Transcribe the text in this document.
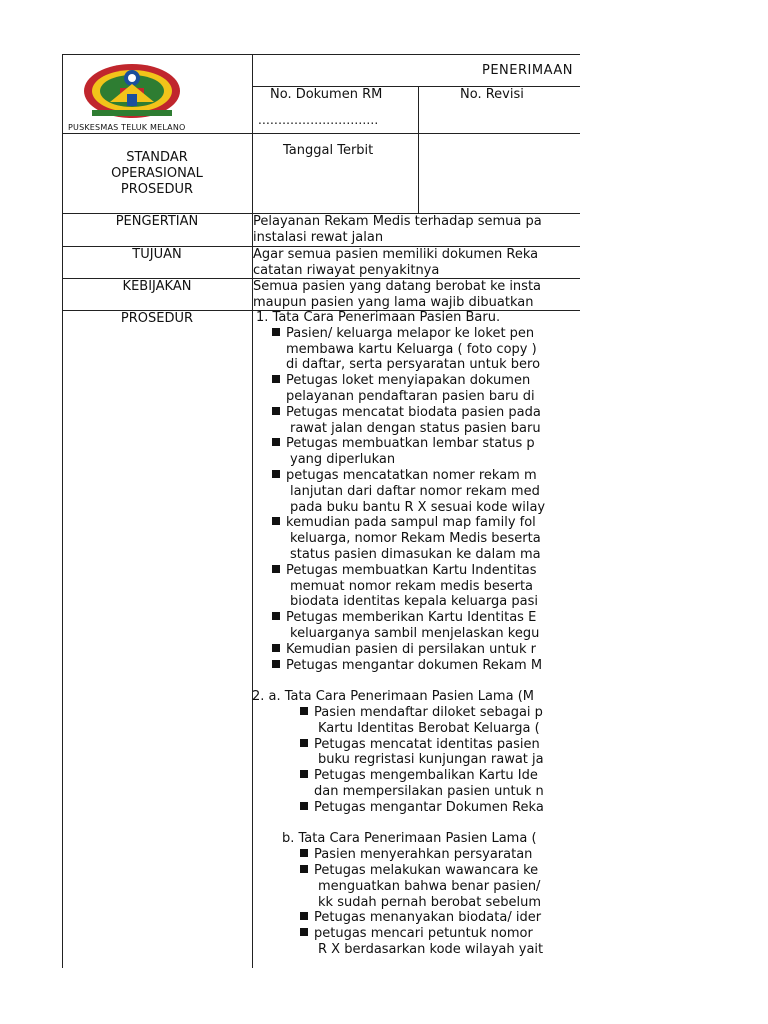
PUSKESMAS TELUK MELANO
PENERIMAAN
No. Dokumen RM
..............................
No. Revisi
Tanggal Terbit
STANDAR
OPERASIONAL
PROSEDUR
PENGERTIAN	Pelayanan Rekam Medis terhadap semua pa
instalasi rewat jalan
TUJUAN	Agar semua pasien memiliki dokumen Reka
catatan riwayat penyakitnya
KEBIJAKAN	Semua pasien yang datang berobat ke insta
maupun pasien yang lama wajib dibuatkan
PROSEDUR	1. Tata Cara Penerimaan Pasien Baru.
Pasien/ keluarga melapor ke loket pen
membawa kartu Keluarga ( foto copy )
di daftar, serta persyaratan untuk bero
Petugas loket menyiapakan dokumen
pelayanan pendaftaran pasien baru di
Petugas mencatat biodata pasien pada
rawat jalan dengan status pasien baru
Petugas membuatkan lembar status p
yang diperlukan
petugas mencatatkan nomer rekam m
lanjutan dari daftar nomor rekam med
pada buku bantu R X sesuai kode wilay
kemudian pada sampul map family fol
keluarga, nomor Rekam Medis beserta
status pasien dimasukan ke dalam ma
Petugas membuatkan Kartu Indentitas
memuat nomor rekam medis beserta
biodata identitas kepala keluarga pasi
Petugas memberikan Kartu Identitas E
keluarganya sambil menjelaskan kegu
Kemudian pasien di persilakan untuk r
Petugas mengantar dokumen Rekam M
2. a. Tata Cara Penerimaan Pasien Lama (M
Pasien mendaftar diloket sebagai p
Kartu Identitas Berobat Keluarga (
Petugas mencatat identitas pasien
buku regristasi kunjungan rawat ja
Petugas mengembalikan Kartu Ide
dan mempersilakan pasien untuk n
Petugas mengantar Dokumen Reka
b. Tata Cara Penerimaan Pasien Lama (
Pasien menyerahkan persyaratan
Petugas melakukan wawancara ke
menguatkan bahwa benar pasien/
kk sudah pernah berobat sebelum
Petugas menanyakan biodata/ ider
petugas mencari petuntuk nomor
R X berdasarkan kode wilayah yait
